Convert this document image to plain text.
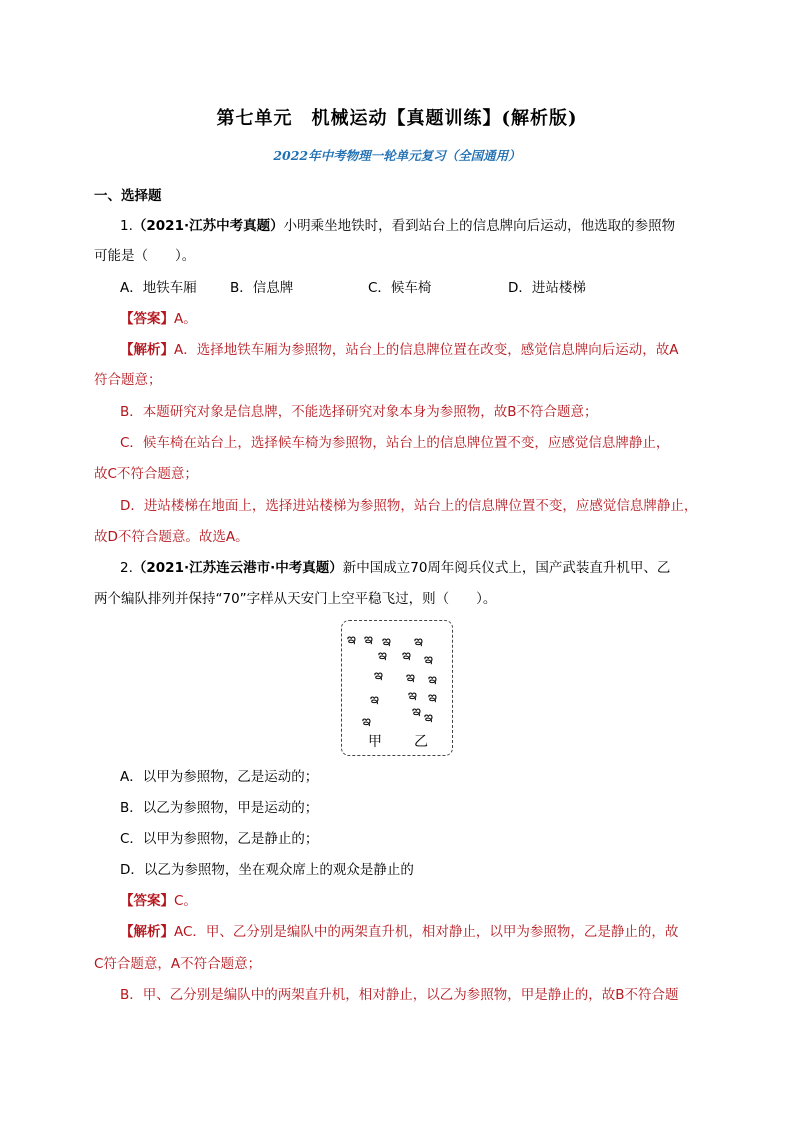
第七单元　机械运动【真题训练】(解析版)
2022年中考物理一轮单元复习（全国通用）
一、选择题
1.（2021·江苏中考真题）小明乘坐地铁时，看到站台上的信息牌向后运动，他选取的参照物
可能是（　　）。
A．地铁车厢 B．信息牌	C．候车椅	D．进站楼梯
【答案】A。
【解析】A．选择地铁车厢为参照物，站台上的信息牌位置在改变，感觉信息牌向后运动，故A
符合题意；
B．本题研究对象是信息牌，不能选择研究对象本身为参照物，故B不符合题意；
C．候车椅在站台上，选择候车椅为参照物，站台上的信息牌位置不变，应感觉信息牌静止，
故C不符合题意；
D．进站楼梯在地面上，选择进站楼梯为参照物，站台上的信息牌位置不变，应感觉信息牌静止，
故D不符合题意。故选A。
2.（2021·江苏连云港市·中考真题）新中国成立70周年阅兵仪式上，国产武装直升机甲、乙
两个编队排列并保持“70”字样从天安门上空平稳飞过，则（　　）。
ఇ ఇ ఇ
ఇ
ఇ
ఇ
ఇ
ఇ
ఇ ఇ
ఇ ఇ
ఇ ఇ
ఇ ఇ
甲 乙
A．以甲为参照物，乙是运动的；
B．以乙为参照物，甲是运动的；
C．以甲为参照物，乙是静止的；
D．以乙为参照物，坐在观众席上的观众是静止的
【答案】C。
【解析】AC．甲、乙分别是编队中的两架直升机，相对静止，以甲为参照物，乙是静止的，故
C符合题意，A不符合题意；
B．甲、乙分别是编队中的两架直升机，相对静止，以乙为参照物，甲是静止的，故B不符合题
